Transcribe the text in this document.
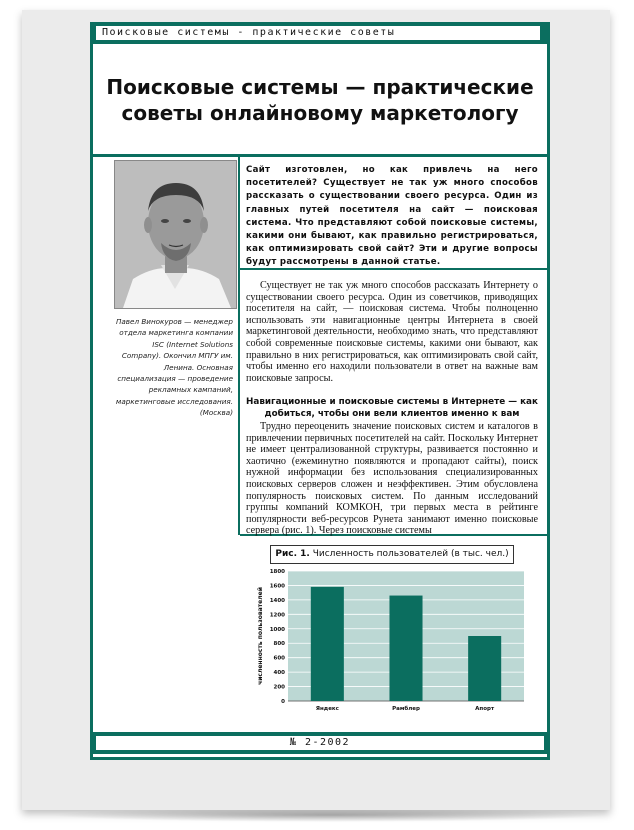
Поисковые системы - практические советы	39
Поисковые системы — практические
советы онлайновому маркетологу
Павел Винокуров — менеджер отдела маркетинга компании ISC (Internet Solutions Company). Окончил МПГУ им. Ленина. Основная специализация — проведение рекламных кампаний, маркетинговые исследования. (Москва)
Сайт изготовлен, но как привлечь на него посетителей? Существует не так уж много способов рассказать о существовании своего ресурса. Один из главных путей посетителя на сайт — поисковая система. Что представляют собой поисковые системы, какими они бывают, как правильно регистрироваться, как оптимизировать свой сайт? Эти и другие вопросы будут рассмотрены в данной статье.

Существует не так уж много способов рассказать Интернету о существовании своего ресурса. Один из советчиков, приводящих посетителя на сайт, — поисковая система. Чтобы полноценно использовать эти навигационные центры Интернета в своей маркетинговой деятельности, необходимо знать, что представляют собой современные поисковые системы, какими они бывают, как правильно в них регистрироваться, как оптимизировать свой сайт, чтобы именно его находили пользователи в ответ на важные вам поисковые запросы.

Навигационные и поисковые системы в Интернете — как добиться, чтобы они вели клиентов именно к вам

Трудно переоценить значение поисковых систем и каталогов в привлечении первичных посетителей на сайт. Поскольку Интернет не имеет централизованной структуры, развивается постоянно и хаотично (ежеминутно появляются и пропадают сайты), поиск нужной информации без использования специализированных поисковых серверов сложен и неэффективен. Этим обусловлена популярность поисковых систем. По данным исследований группы компаний КОМКОН, три первых места в рейтинге популярности веб-ресурсов Рунета занимают именно поисковые сервера (рис. 1). Через поисковые системы

Рис. 1. Численность пользователей (в тыс. чел.)
0
200
400
600
800
1000
1200
1400
1600
1800
Яндекс	Рамблер	Апорт
численность пользователей
№ 2-2002
